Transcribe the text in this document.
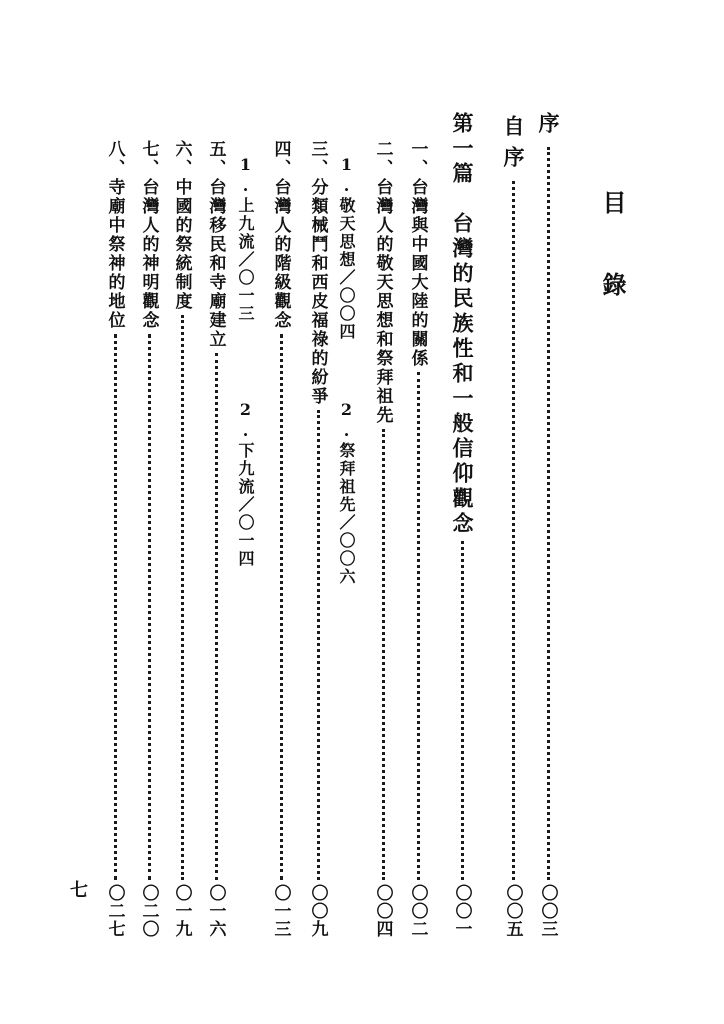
目錄
序
〇〇三
自序
〇〇五
第一篇　台灣的民族性和一般信仰觀念
〇〇一
一、台灣與中國大陸的關係
〇〇二
二、台灣人的敬天思想和祭拜祖先
〇〇四
1.敬天思想／〇〇四
2.祭拜祖先／〇〇六
三、分類械鬥和西皮福祿的紛爭
〇〇九
四、台灣人的階級觀念
〇一三
1.上九流／〇一三
2.下九流／〇一四
五、台灣移民和寺廟建立
〇一六
六、中國的祭統制度
〇一九
七、台灣人的神明觀念
〇二〇
八、寺廟中祭神的地位
〇二七
七
